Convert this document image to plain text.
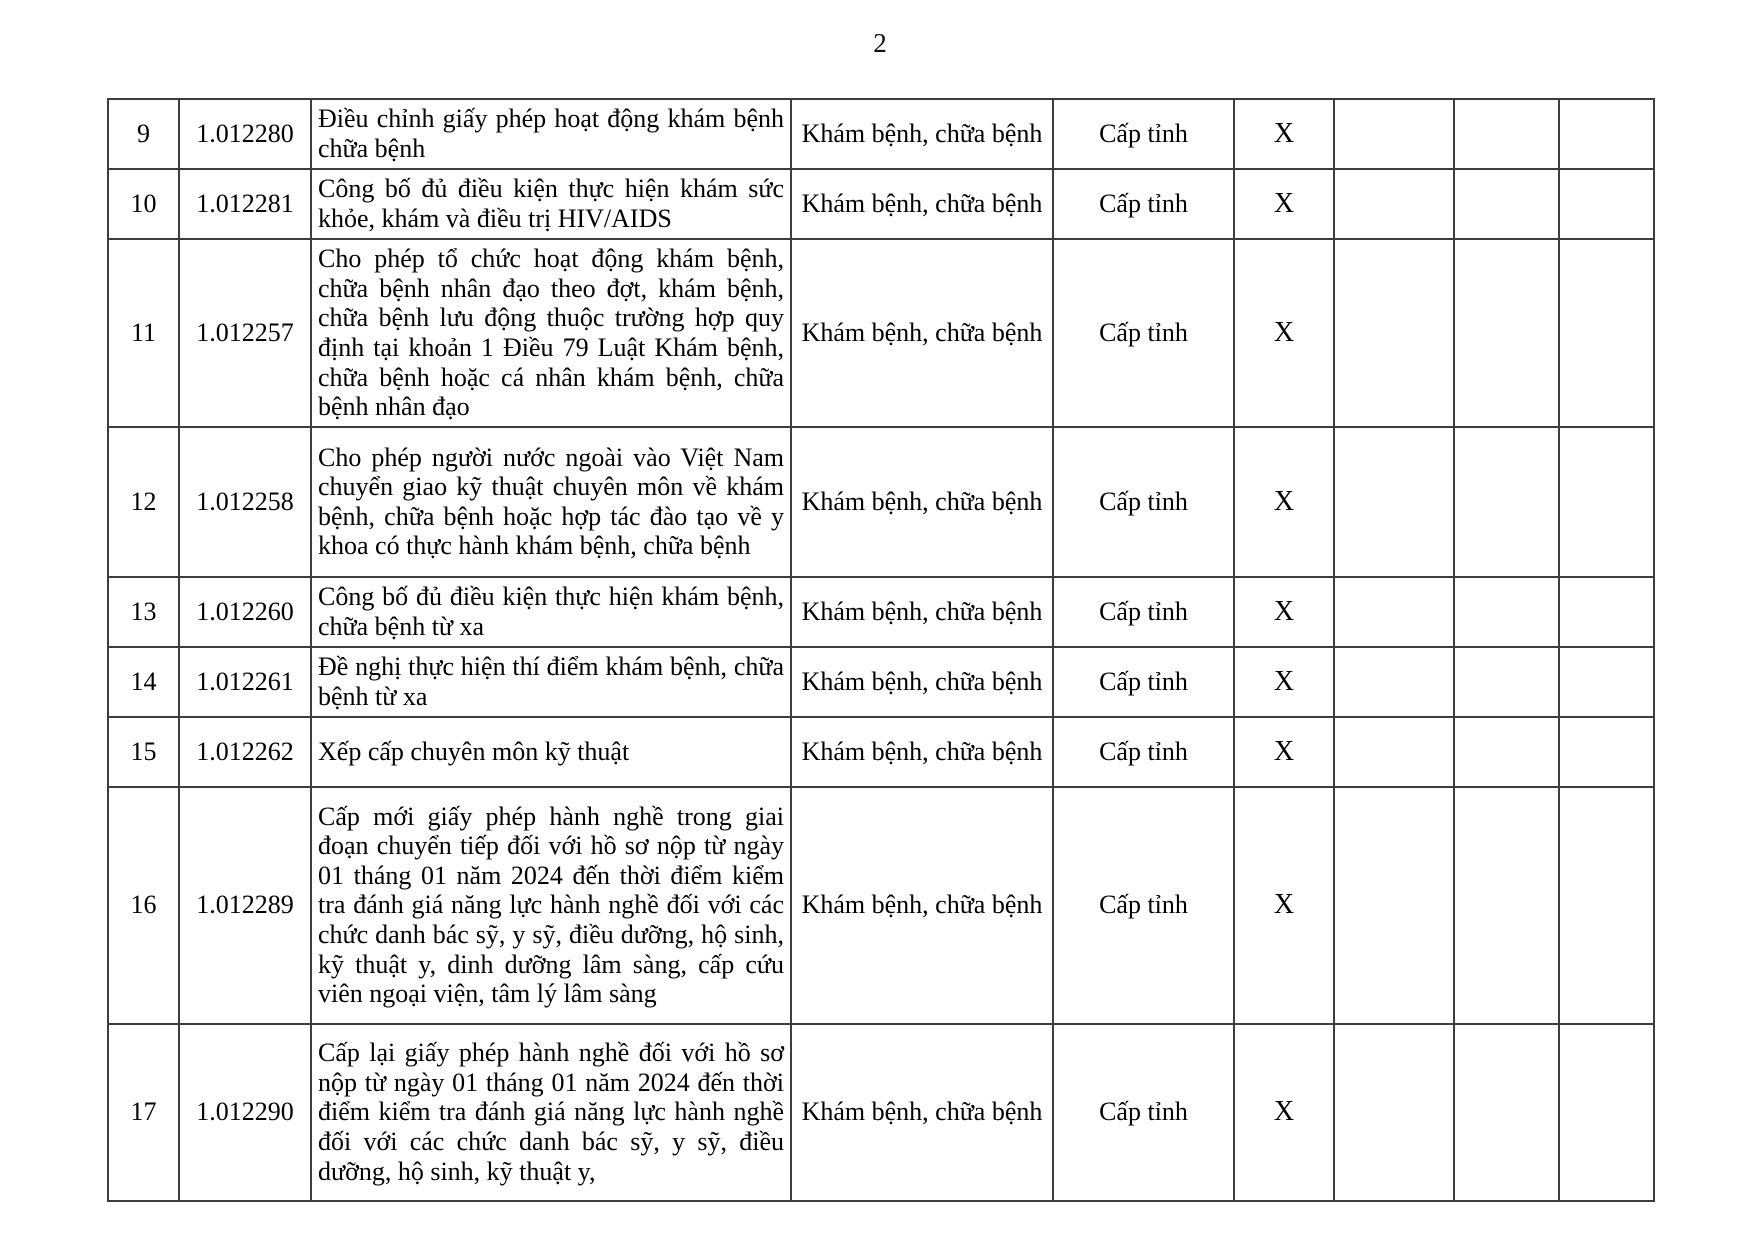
2
9	1.012280	Điều chỉnh giấy phép hoạt động khám bệnh chữa bệnh	Khám bệnh, chữa bệnh	Cấp tỉnh	X			
10	1.012281	Công bố đủ điều kiện thực hiện khám sức khỏe, khám và điều trị HIV/AIDS	Khám bệnh, chữa bệnh	Cấp tỉnh	X			
11	1.012257	Cho phép tổ chức hoạt động khám bệnh, chữa bệnh nhân đạo theo đợt, khám bệnh, chữa bệnh lưu động thuộc trường hợp quy định tại khoản 1 Điều 79 Luật Khám bệnh, chữa bệnh hoặc cá nhân khám bệnh, chữa bệnh nhân đạo	Khám bệnh, chữa bệnh	Cấp tỉnh	X			
12	1.012258	Cho phép người nước ngoài vào Việt Nam chuyển giao kỹ thuật chuyên môn về khám bệnh, chữa bệnh hoặc hợp tác đào tạo về y khoa có thực hành khám bệnh, chữa bệnh	Khám bệnh, chữa bệnh	Cấp tỉnh	X			
13	1.012260	Công bố đủ điều kiện thực hiện khám bệnh, chữa bệnh từ xa	Khám bệnh, chữa bệnh	Cấp tỉnh	X			
14	1.012261	Đề nghị thực hiện thí điểm khám bệnh, chữa bệnh từ xa	Khám bệnh, chữa bệnh	Cấp tỉnh	X			
15	1.012262	Xếp cấp chuyên môn kỹ thuật	Khám bệnh, chữa bệnh	Cấp tỉnh	X			
16	1.012289	Cấp mới giấy phép hành nghề trong giai đoạn chuyển tiếp đối với hồ sơ nộp từ ngày 01 tháng 01 năm 2024 đến thời điểm kiểm tra đánh giá năng lực hành nghề đối với các chức danh bác sỹ, y sỹ, điều dưỡng, hộ sinh, kỹ thuật y, dinh dưỡng lâm sàng, cấp cứu viên ngoại viện, tâm lý lâm sàng	Khám bệnh, chữa bệnh	Cấp tỉnh	X			
17	1.012290	Cấp lại giấy phép hành nghề đối với hồ sơ nộp từ ngày 01 tháng 01 năm 2024 đến thời điểm kiểm tra đánh giá năng lực hành nghề đối với các chức danh bác sỹ, y sỹ, điều dưỡng, hộ sinh, kỹ thuật y,	Khám bệnh, chữa bệnh	Cấp tỉnh	X			
